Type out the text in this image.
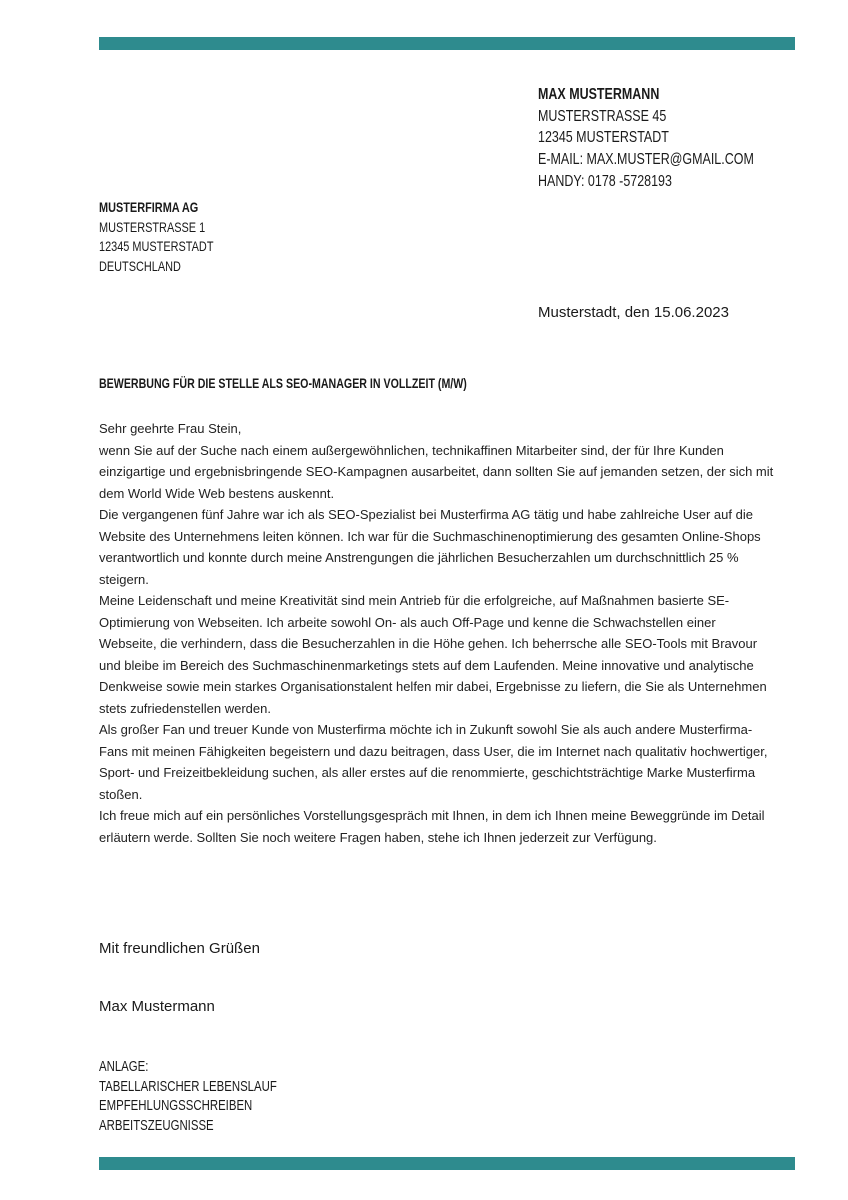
MAX MUSTERMANN
MUSTERSTRASSE 45
12345 MUSTERSTADT
E-MAIL: MAX.MUSTER@GMAIL.COM
HANDY: 0178 -5728193
MUSTERFIRMA AG
MUSTERSTRASSE 1
12345 MUSTERSTADT
DEUTSCHLAND
Musterstadt, den 15.06.2023
BEWERBUNG FÜR DIE STELLE ALS SEO-MANAGER IN VOLLZEIT (M/W)

Sehr geehrte Frau Stein,

wenn Sie auf der Suche nach einem außergewöhnlichen, technikaffinen Mitarbeiter sind, der für Ihre Kunden einzigartige und ergebnisbringende SEO-Kampagnen ausarbeitet, dann sollten Sie auf jemanden setzen, der sich mit dem World Wide Web bestens auskennt.

Die vergangenen fünf Jahre war ich als SEO-Spezialist bei Musterfirma AG tätig und habe zahlreiche User auf die Website des Unternehmens leiten können. Ich war für die Suchmaschinenoptimierung des gesamten Online-Shops verantwortlich und konnte durch meine Anstrengungen die jährlichen Besucherzahlen um durchschnittlich 25 % steigern.

Meine Leidenschaft und meine Kreativität sind mein Antrieb für die erfolgreiche, auf Maßnahmen basierte SE-Optimierung von Webseiten. Ich arbeite sowohl On- als auch Off-Page und kenne die Schwachstellen einer Webseite, die verhindern, dass die Besucherzahlen in die Höhe gehen. Ich beherrsche alle SEO-Tools mit Bravour und bleibe im Bereich des Suchmaschinenmarketings stets auf dem Laufenden. Meine innovative und analytische Denkweise sowie mein starkes Organisationstalent helfen mir dabei, Ergebnisse zu liefern, die Sie als Unternehmen stets zufriedenstellen werden.

Als großer Fan und treuer Kunde von Musterfirma möchte ich in Zukunft sowohl Sie als auch andere Musterfirma-Fans mit meinen Fähigkeiten begeistern und dazu beitragen, dass User, die im Internet nach qualitativ hochwertiger, Sport- und Freizeitbekleidung suchen, als aller erstes auf die renommierte, geschichtsträchtige Marke Musterfirma stoßen.

Ich freue mich auf ein persönliches Vorstellungsgespräch mit Ihnen, in dem ich Ihnen meine Beweggründe im Detail erläutern werde. Sollten Sie noch weitere Fragen haben, stehe ich Ihnen jederzeit zur Verfügung.

Mit freundlichen Grüßen
Max Mustermann
ANLAGE:
TABELLARISCHER LEBENSLAUF
EMPFEHLUNGSSCHREIBEN
ARBEITSZEUGNISSE
